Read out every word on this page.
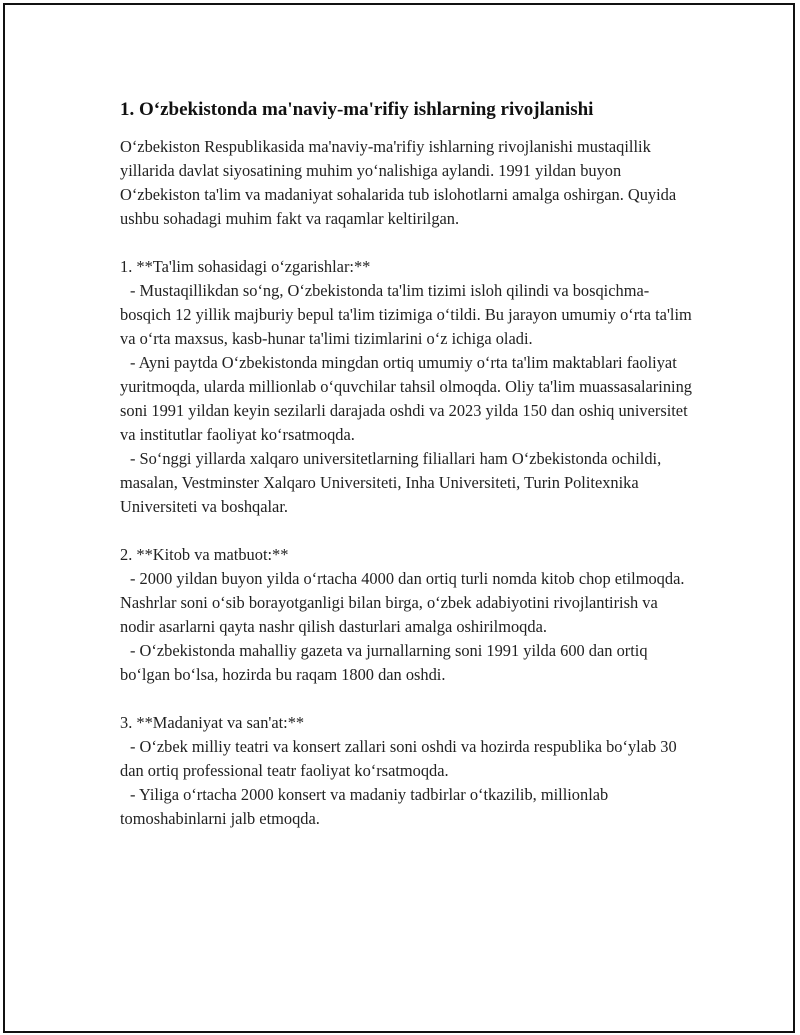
1. O‘zbekistonda ma'naviy-ma'rifiy ishlarning rivojlanishi

O‘zbekiston Respublikasida ma'naviy-ma'rifiy ishlarning rivojlanishi mustaqillik yillarida davlat siyosatining muhim yo‘nalishiga aylandi. 1991 yildan buyon O‘zbekiston ta'lim va madaniyat sohalarida tub islohotlarni amalga oshirgan. Quyida ushbu sohadagi muhim fakt va raqamlar keltirilgan.

1. **Ta'lim sohasidagi o‘zgarishlar:**
- Mustaqillikdan so‘ng, O‘zbekistonda ta'lim tizimi isloh qilindi va bosqichma-bosqich 12 yillik majburiy bepul ta'lim tizimiga o‘tildi. Bu jarayon umumiy o‘rta ta'lim va o‘rta maxsus, kasb-hunar ta'limi tizimlarini o‘z ichiga oladi.
- Ayni paytda O‘zbekistonda mingdan ortiq umumiy o‘rta ta'lim maktablari faoliyat yuritmoqda, ularda millionlab o‘quvchilar tahsil olmoqda. Oliy ta'lim muassasalarining soni 1991 yildan keyin sezilarli darajada oshdi va 2023 yilda 150 dan oshiq universitet va institutlar faoliyat ko‘rsatmoqda.
- So‘nggi yillarda xalqaro universitetlarning filiallari ham O‘zbekistonda ochildi, masalan, Vestminster Xalqaro Universiteti, Inha Universiteti, Turin Politexnika Universiteti va boshqalar.
2. **Kitob va matbuot:**
- 2000 yildan buyon yilda o‘rtacha 4000 dan ortiq turli nomda kitob chop etilmoqda. Nashrlar soni o‘sib borayotganligi bilan birga, o‘zbek adabiyotini rivojlantirish va nodir asarlarni qayta nashr qilish dasturlari amalga oshirilmoqda.
- O‘zbekistonda mahalliy gazeta va jurnallarning soni 1991 yilda 600 dan ortiq bo‘lgan bo‘lsa, hozirda bu raqam 1800 dan oshdi.
3. **Madaniyat va san'at:**
- O‘zbek milliy teatri va konsert zallari soni oshdi va hozirda respublika bo‘ylab 30 dan ortiq professional teatr faoliyat ko‘rsatmoqda.
- Yiliga o‘rtacha 2000 konsert va madaniy tadbirlar o‘tkazilib, millionlab tomoshabinlarni jalb etmoqda.
